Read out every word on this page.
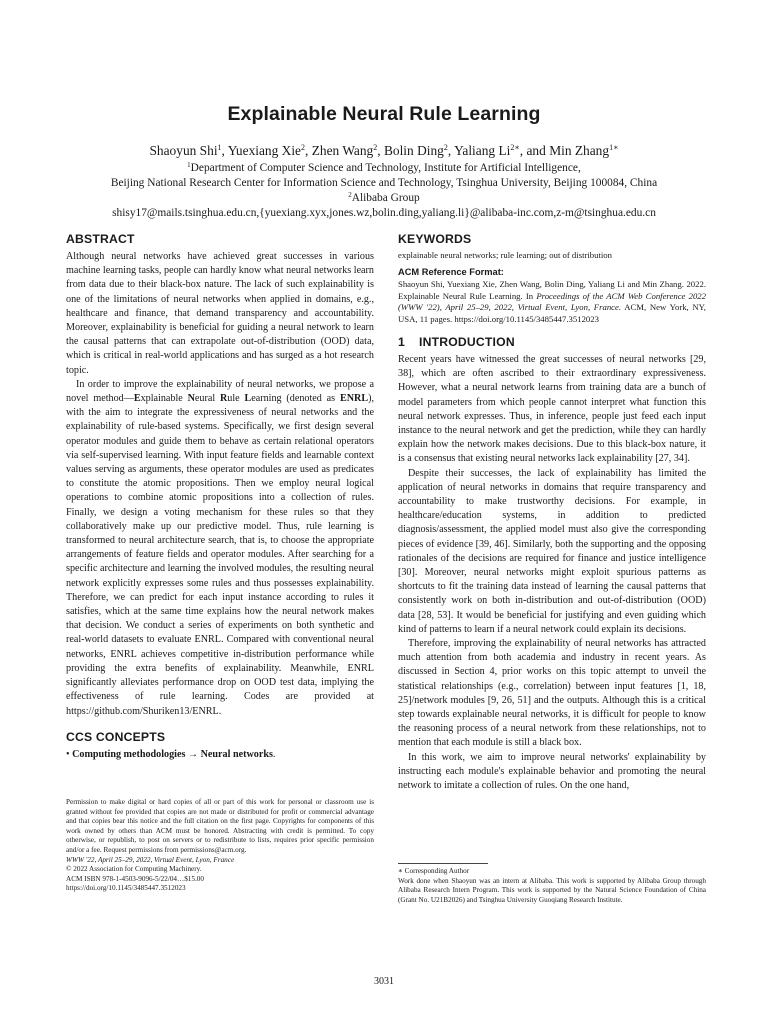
Explainable Neural Rule Learning
Shaoyun Shi$^1$, Yuexiang Xie$^2$, Zhen Wang$^2$, Bolin Ding$^2$, Yaliang $Li^{2∗}$, and Min Zhang$^{1∗}$
$^1$Department of Computer Science and Technology, Institute for Artificial Intelligence,
Beijing National Research Center for Information Science and Technology, Tsinghua University, Beijing 100084, China
$^2$Alibaba Group
shisy17@mails.tsinghua.edu.cn,{yuexiang.xyx,jones.wz,bolin.ding,yaliang.li}@alibaba-inc.com,z-m@tsinghua.edu.cn
ABSTRACT

Although neural networks have achieved great successes in various machine learning tasks, people can hardly know what neural networks learn from data due to their black-box nature. The lack of such explainability is one of the limitations of neural networks when applied in domains, e.g., healthcare and finance, that demand transparency and accountability. Moreover, explainability is beneficial for guiding a neural network to learn the causal patterns that can extrapolate out-of-distribution (OOD) data, which is critical in real-world applications and has surged as a hot research topic.

In order to improve the explainability of neural networks, we propose a novel method—Explainable Neural Rule Learning (denoted as ENRL), with the aim to integrate the expressiveness of neural networks and the explainability of rule-based systems. Specifically, we first design several operator modules and guide them to behave as certain relational operators via self-supervised learning. With input feature fields and learnable context values serving as arguments, these operator modules are used as predicates to constitute the atomic propositions. Then we employ neural logical operations to combine atomic propositions into a collection of rules. Finally, we design a voting mechanism for these rules so that they collaboratively make up our predictive model. Thus, rule learning is transformed to neural architecture search, that is, to choose the appropriate arrangements of feature fields and operator modules. After searching for a specific architecture and learning the involved modules, the resulting neural network explicitly expresses some rules and thus possesses explainability. Therefore, we can predict for each input instance according to rules it satisfies, which at the same time explains how the neural network makes that decision. We conduct a series of experiments on both synthetic and real-world datasets to evaluate ENRL. Compared with conventional neural networks, ENRL achieves competitive in-distribution performance while providing the extra benefits of explainability. Meanwhile, ENRL significantly alleviates performance drop on OOD test data, implying the effectiveness of rule learning. Codes are provided at https://github.com/Shuriken13/ENRL.

CCS CONCEPTS

• Computing methodologies → Neural networks.

Permission to make digital or hard copies of all or part of this work for personal or classroom use is granted without fee provided that copies are not made or distributed for profit or commercial advantage and that copies bear this notice and the full citation on the first page. Copyrights for components of this work owned by others than ACM must be honored. Abstracting with credit is permitted. To copy otherwise, or republish, to post on servers or to redistribute to lists, requires prior specific permission and/or a fee. Request permissions from permissions@acm.org.

WWW '22, April 25–29, 2022, Virtual Event, Lyon, France

© 2022 Association for Computing Machinery.

ACM ISBN 978-1-4503-9096-5/22/04…$15.00

https://doi.org/10.1145/3485447.3512023

KEYWORDS

explainable neural networks; rule learning; out of distribution

ACM Reference Format:

Shaoyun Shi, Yuexiang Xie, Zhen Wang, Bolin Ding, Yaliang Li and Min Zhang. 2022. Explainable Neural Rule Learning. In Proceedings of the ACM Web Conference 2022 (WWW '22), April 25–29, 2022, Virtual Event, Lyon, France. ACM, New York, NY, USA, 11 pages. https://doi.org/10.1145/3485447.3512023

1 INTRODUCTION

Recent years have witnessed the great successes of neural networks [29, 38], which are often ascribed to their extraordinary expressiveness. However, what a neural network learns from training data are a bunch of model parameters from which people cannot interpret what function this neural network expresses. Thus, in inference, people just feed each input instance to the neural network and get the prediction, while they can hardly explain how the network makes decisions. Due to this black-box nature, it is a consensus that existing neural networks lack explainability [27, 34].

Despite their successes, the lack of explainability has limited the application of neural networks in domains that require transparency and accountability to make trustworthy decisions. For example, in healthcare/education systems, in addition to predicted diagnosis/assessment, the applied model must also give the corresponding pieces of evidence [39, 46]. Similarly, both the supporting and the opposing rationales of the decisions are required for finance and justice intelligence [30]. Moreover, neural networks might exploit spurious patterns as shortcuts to fit the training data instead of learning the causal patterns that consistently work on both in-distribution and out-of-distribution (OOD) data [28, 53]. It would be beneficial for justifying and even guiding which kind of patterns to learn if a neural network could explain its decisions.

Therefore, improving the explainability of neural networks has attracted much attention from both academia and industry in recent years. As discussed in Section 4, prior works on this topic attempt to unveil the statistical relationships (e.g., correlation) between input features [1, 18, 25]/network modules [9, 26, 51] and the outputs. Although this is a critical step towards explainable neural networks, it is difficult for people to know the reasoning process of a neural network from these relationships, not to mention that each module is still a black box.

In this work, we aim to improve neural networks' explainability by instructing each module's explainable behavior and promoting the neural network to imitate a collection of rules. On the one hand,

∗ Corresponding Author

Work done when Shaoyun was an intern at Alibaba. This work is supported by Alibaba Group through Alibaba Research Intern Program. This work is supported by the Natural Science Foundation of China (Grant No. U21B2026) and Tsinghua University Guoqiang Research Institute.

3031
